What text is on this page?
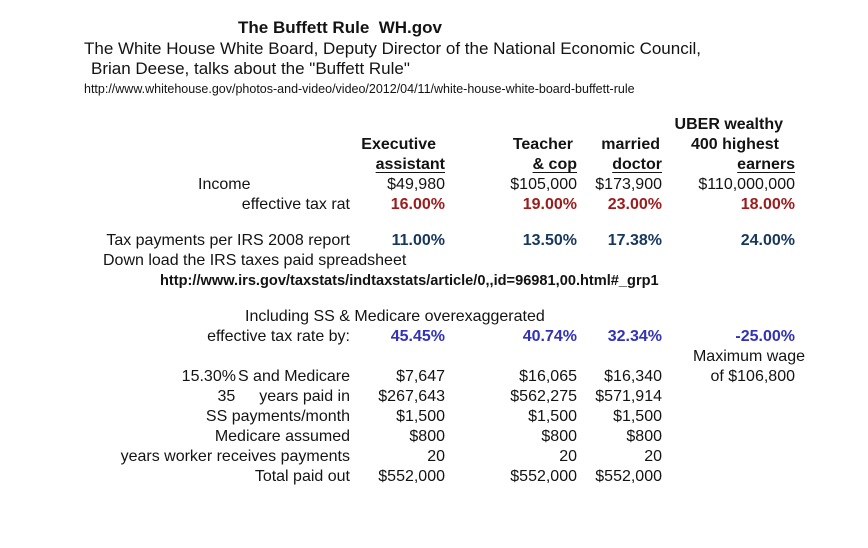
The Buffett Rule  WH.gov
The White House White Board, Deputy Director of the National Economic Council,
Brian Deese, talks about the "Buffett Rule"
http://www.whitehouse.gov/photos-and-video/video/2012/04/11/white-house-white-board-buffett-rule
UBER wealthy
Executive	Teacher	married	400 highest
assistant	& cop	doctor	earners
Income	$49,980	$105,000	$173,900	$110,000,000
effective tax rat	16.00%	19.00%	23.00%	18.00%
Tax payments per IRS 2008 report	11.00%	13.50%	17.38%	24.00%
Down load the IRS taxes paid spreadsheet
http://www.irs.gov/taxstats/indtaxstats/article/0,,id=96981,00.html#_grp1
Including SS & Medicare overexaggerated
effective tax rate by:	45.45%	40.74%	32.34%	-25.00%
Maximum wage
15.30% S and Medicare	$7,647	$16,065	$16,340	of $106,800
35 years paid in	$267,643	$562,275	$571,914
SS payments/month	$1,500	$1,500	$1,500
Medicare assumed	$800	$800	$800
years worker receives payments	20	20	20
Total paid out	$552,000	$552,000	$552,000
